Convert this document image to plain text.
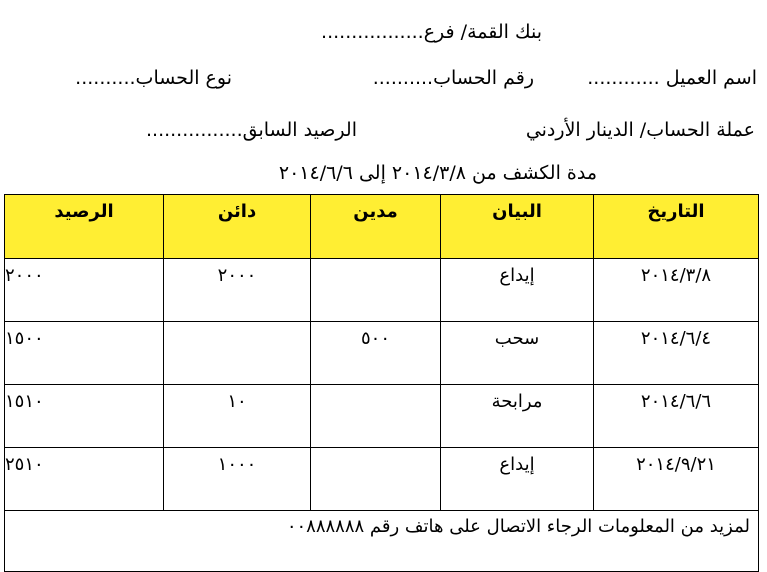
بنك القمة/ فرع.................
اسم العميل ............
رقم الحساب..........
نوع الحساب..........
عملة الحساب/ الدينار الأردني
الرصيد السابق................
مدة الكشف من ٢٠١٤/٣/٨ إلى ٢٠١٤/٦/٦
التاريخ	البيان	مدين	دائن	الرصيد
٢٠١٤/٣/٨	إيداع		٢٠٠٠	٢٠٠٠
٢٠١٤/٦/٤	سحب	٥٠٠		١٥٠٠
٢٠١٤/٦/٦	مرابحة		١٠	١٥١٠
٢٠١٤/٩/٢١	إيداع		١٠٠٠	٢٥١٠
لمزيد من المعلومات الرجاء الاتصال على هاتف رقم ٠٠٨٨٨٨٨٨				
